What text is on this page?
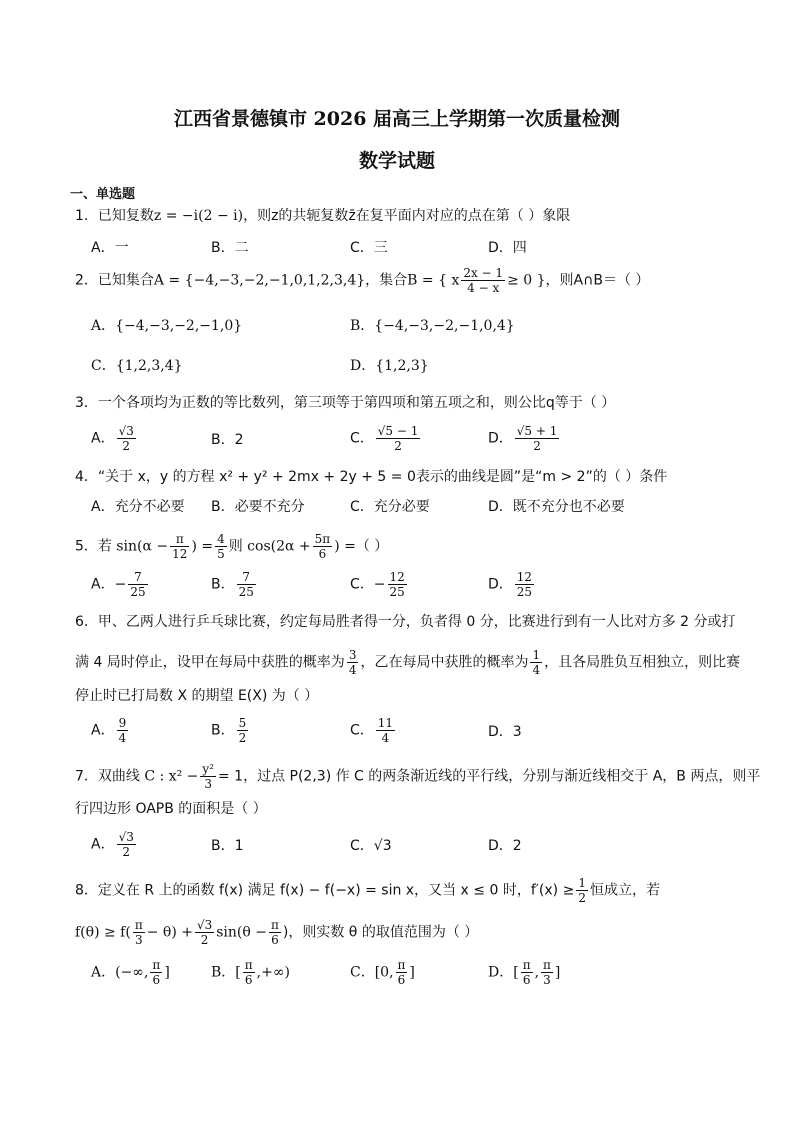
江西省景德镇市 2026 届高三上学期第一次质量检测
数学试题
一、单选题
1．已知复数z = −i(2 − i)，则z的共轭复数z̄在复平面内对应的点在第（ ）象限
A．一	B．二	C．三	D．四
2．已知集合A = {−4,−3,−2,−1,0,1,2,3,4}，集合B = { x $\frac{2x - 1}{4 - x} \ge 0$ }，则A∩B＝（ ）
A．{−4,−3,−2,−1,0}	B．{−4,−3,−2,−1,0,4}
C．{1,2,3,4}	D．{1,2,3}
3．一个各项均为正数的等比数列，第三项等于第四项和第五项之和，则公比q等于（ ）
A． $\frac{√3}{2}$	B．2	C． $\frac{√5 - 1}{2}$	D． $\frac{√5 + 1}{2}$
4．“关于 x，y 的方程 x² + y² + 2mx + 2y + 5 = 0表示的曲线是圆”是“m > 2”的（ ）条件
A．充分不必要 B．必要不充分	C．充分必要	D．既不充分也不必要
5．若 $\sin(\alpha - \frac{\pi}{12}$ ) = $\frac{4}{5}$ 则 $\cos(2\alpha + \frac{5\pi}{6}$ ) =（ ）
A．− $\frac{7}{25}$	B． $\frac{7}{25}$	C．− $\frac{12}{25}$	D． $\frac{12}{25}$
6．甲、乙两人进行乒乓球比赛，约定每局胜者得一分，负者得 0 分，比赛进行到有一人比对方多 2 分或打
满 4 局时停止，设甲在每局中获胜的概率为 $\frac{3}{4}$ ，乙在每局中获胜的概率为 $\frac{1}{4}$ ，且各局胜负互相独立，则比赛
停止时已打局数 X 的期望 E(X) 为（ ）
A． $\frac{9}{4}$	B． $\frac{5}{2}$	C． $\frac{11}{4}$	D．3
7．双曲线 C : $x^2 - \frac{\text{y²}}{3} = 1$，过点 P(2,3) 作 C 的两条渐近线的平行线，分别与渐近线相交于 A，B 两点，则平
行四边形 OAPB 的面积是（ ）
A． $\frac{√3}{2}$	B．1	C．√3	D．2
8．定义在 R 上的函数 f(x) 满足 f(x) − f(−x) = sin x，又当 x ≤ 0 时，$f'(x) \ge \frac{1}{2}$ 恒成立，若
$f(\theta) \ge f( \frac{\pi}{3} - \theta) + \frac{√3}{2} \sin(\theta - \frac{\pi}{6}$ )，则实数 θ 的取值范围为（ ）
A．(−∞, $\frac{\pi}{6}$ ]	B．[ $\frac{\pi}{6}$ ,+∞)	C．[0, $\frac{\pi}{6}$ ]	D．[ $\frac{\pi}{6}$ , $\frac{\pi}{3}$ ]
